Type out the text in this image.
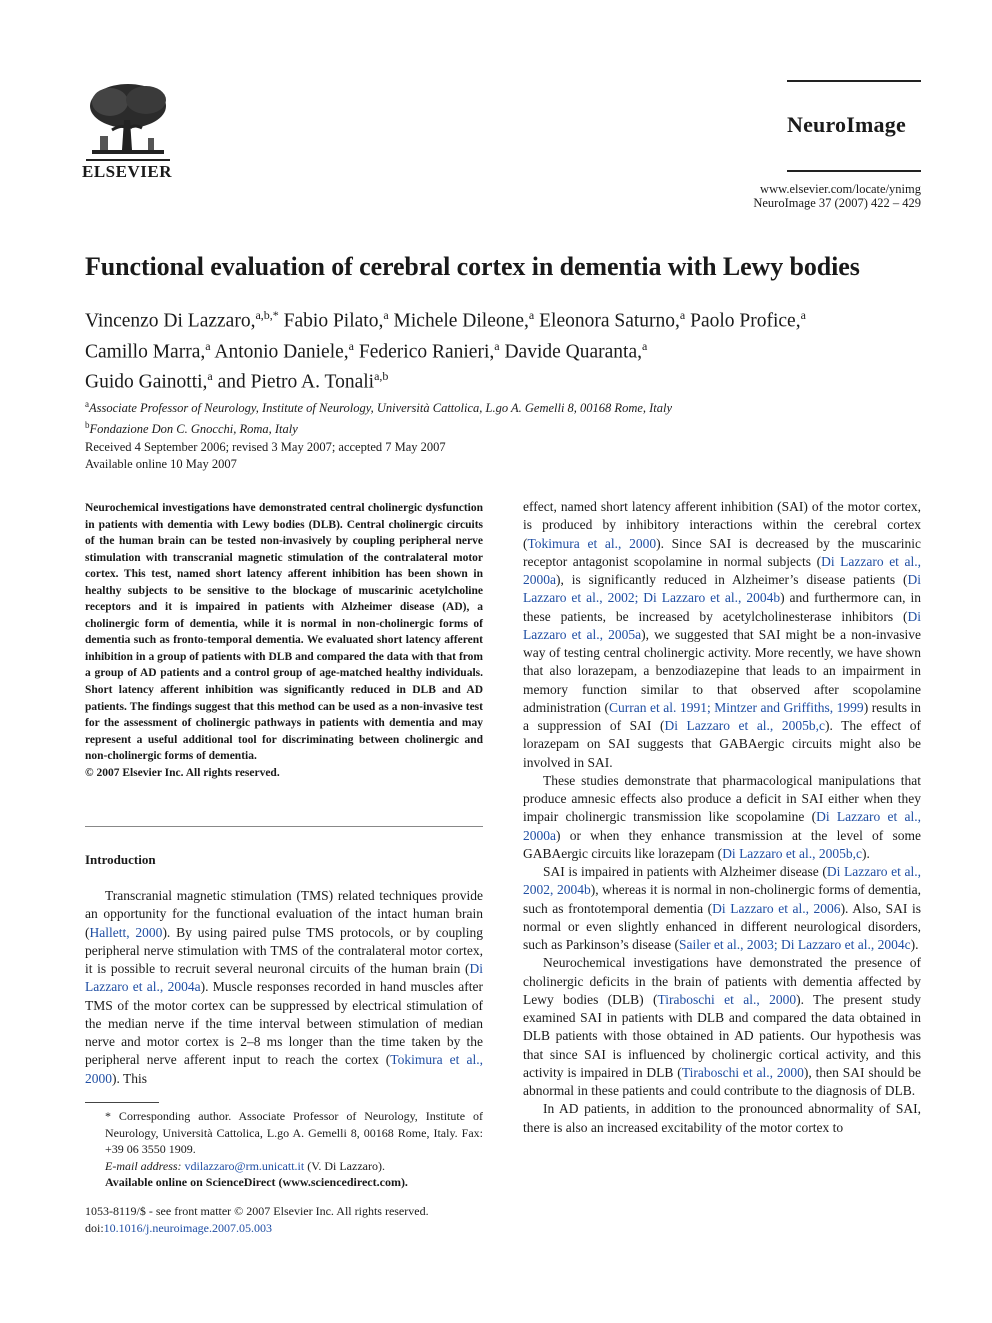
ELSEVIER
NeuroImage
www.elsevier.com/locate/ynimg
NeuroImage 37 (2007) 422 – 429
Functional evaluation of cerebral cortex in dementia with Lewy bodies
Vincenzo Di Lazzaro,$^{a,b,*}$ Fabio Pilato,$^a$ Michele Dileone,$^a$ Eleonora Saturno,$^a$ Paolo Profice,$^a$
Camillo Marra,$^a$ Antonio Daniele,$^a$ Federico Ranieri,$^a$ Davide Quaranta,$^a$
Guido Gainotti,$^a$ and Pietro A. Tonali$^{a,b}$
$^a$Associate Professor of Neurology, Institute of Neurology, Università Cattolica, L.go A. Gemelli 8, 00168 Rome, Italy
$^b$Fondazione Don C. Gnocchi, Roma, Italy
Received 4 September 2006; revised 3 May 2007; accepted 7 May 2007
Available online 10 May 2007
Neurochemical investigations have demonstrated central cholinergic dysfunction in patients with dementia with Lewy bodies (DLB). Central cholinergic circuits of the human brain can be tested non-invasively by coupling peripheral nerve stimulation with transcranial magnetic stimulation of the contralateral motor cortex. This test, named short latency afferent inhibition has been shown in healthy subjects to be sensitive to the blockage of muscarinic acetylcholine receptors and it is impaired in patients with Alzheimer disease (AD), a cholinergic form of dementia, while it is normal in non-cholinergic forms of dementia such as fronto-temporal dementia. We evaluated short latency afferent inhibition in a group of patients with DLB and compared the data with that from a group of AD patients and a control group of age-matched healthy individuals. Short latency afferent inhibition was significantly reduced in DLB and AD patients. The findings suggest that this method can be used as a non-invasive test for the assessment of cholinergic pathways in patients with dementia and may represent a useful additional tool for discriminating between cholinergic and non-cholinergic forms of dementia.
© 2007 Elsevier Inc. All rights reserved.
Introduction

Transcranial magnetic stimulation (TMS) related techniques provide an opportunity for the functional evaluation of the intact human brain (Hallett, 2000). By using paired pulse TMS protocols, or by coupling peripheral nerve stimulation with TMS of the contralateral motor cortex, it is possible to recruit several neuronal circuits of the human brain (Di Lazzaro et al., 2004a). Muscle responses recorded in hand muscles after TMS of the motor cortex can be suppressed by electrical stimulation of the median nerve if the time interval between stimulation of median nerve and motor cortex is 2–8 ms longer than the time taken by the peripheral nerve afferent input to reach the cortex (Tokimura et al., 2000). This

effect, named short latency afferent inhibition (SAI) of the motor cortex, is produced by inhibitory interactions within the cerebral cortex (Tokimura et al., 2000). Since SAI is decreased by the muscarinic receptor antagonist scopolamine in normal subjects (Di Lazzaro et al., 2000a), is significantly reduced in Alzheimer’s disease patients (Di Lazzaro et al., 2002; Di Lazzaro et al., 2004b) and furthermore can, in these patients, be increased by acetylcholinesterase inhibitors (Di Lazzaro et al., 2005a), we suggested that SAI might be a non-invasive way of testing central cholinergic activity. More recently, we have shown that also lorazepam, a benzodiazepine that leads to an impairment in memory function similar to that observed after scopolamine administration (Curran et al. 1991; Mintzer and Griffiths, 1999) results in a suppression of SAI (Di Lazzaro et al., 2005b,c). The effect of lorazepam on SAI suggests that GABAergic circuits might also be involved in SAI.

These studies demonstrate that pharmacological manipulations that produce amnesic effects also produce a deficit in SAI either when they impair cholinergic transmission like scopolamine (Di Lazzaro et al., 2000a) or when they enhance transmission at the level of some GABAergic circuits like lorazepam (Di Lazzaro et al., 2005b,c).

SAI is impaired in patients with Alzheimer disease (Di Lazzaro et al., 2002, 2004b), whereas it is normal in non-cholinergic forms of dementia, such as frontotemporal dementia (Di Lazzaro et al., 2006). Also, SAI is normal or even slightly enhanced in different neurological disorders, such as Parkinson’s disease (Sailer et al., 2003; Di Lazzaro et al., 2004c).

Neurochemical investigations have demonstrated the presence of cholinergic deficits in the brain of patients with dementia affected by Lewy bodies (DLB) (Tiraboschi et al., 2000). The present study examined SAI in patients with DLB and compared the data obtained in DLB patients with those obtained in AD patients. Our hypothesis was that since SAI is influenced by cholinergic cortical activity, and this activity is impaired in DLB (Tiraboschi et al., 2000), then SAI should be abnormal in these patients and could contribute to the diagnosis of DLB.

In AD patients, in addition to the pronounced abnormality of SAI, there is also an increased excitability of the motor cortex to

* Corresponding author. Associate Professor of Neurology, Institute of Neurology, Università Cattolica, L.go A. Gemelli 8, 00168 Rome, Italy. Fax: +39 06 3550 1909.
E-mail address: vdilazzaro@rm.unicatt.it (V. Di Lazzaro).
Available online on ScienceDirect (www.sciencedirect.com).
1053-8119/$ - see front matter © 2007 Elsevier Inc. All rights reserved.
doi:10.1016/j.neuroimage.2007.05.003
